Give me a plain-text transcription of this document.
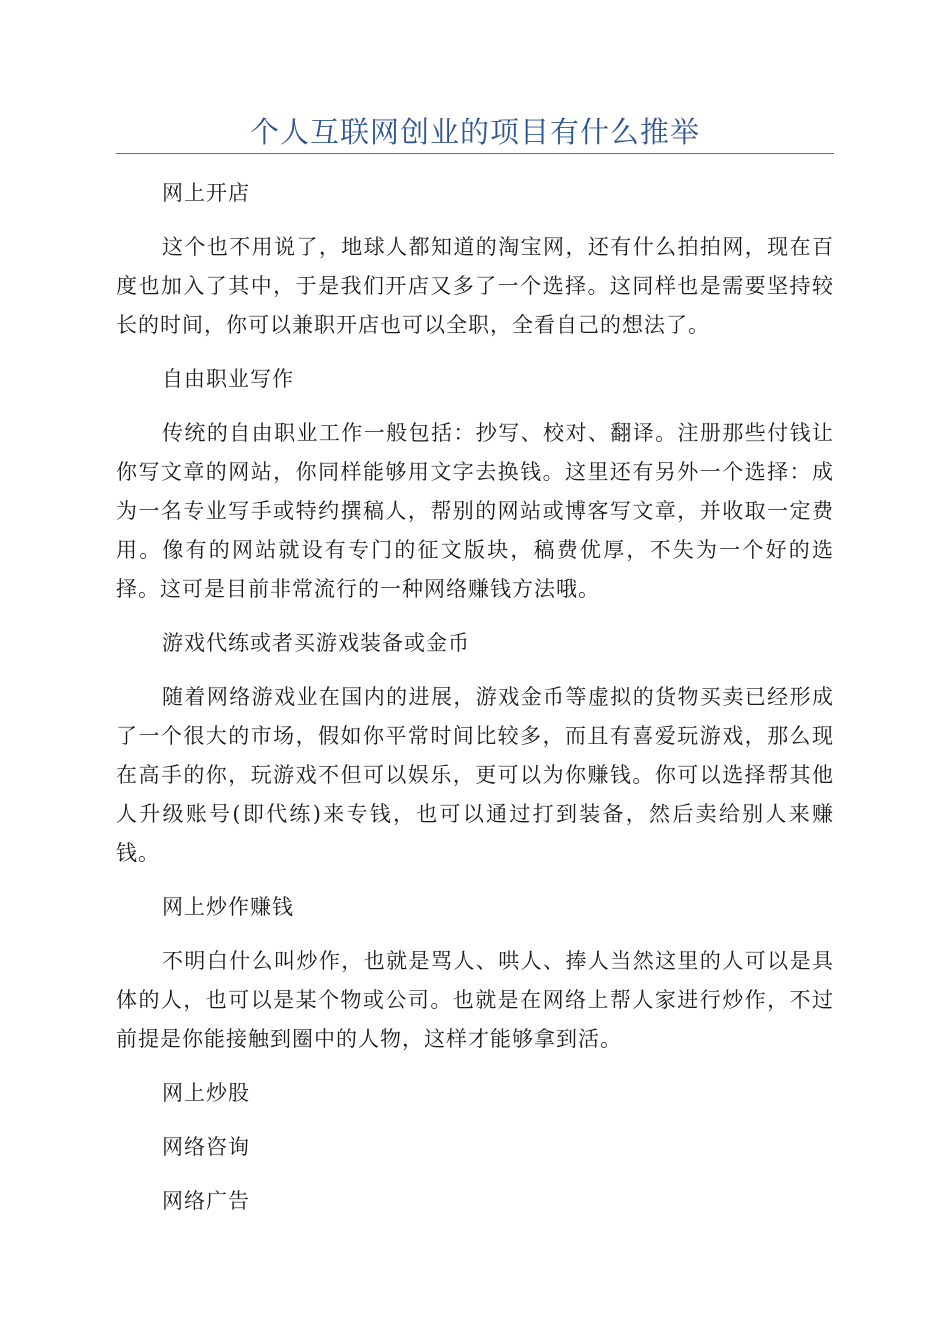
个人互联网创业的项目有什么推举
网上开店
这个也不用说了，地球人都知道的淘宝网，还有什么拍拍网，现在百度也加入了其中，于是我们开店又多了一个选择。这同样也是需要坚持较长的时间，你可以兼职开店也可以全职，全看自己的想法了。
自由职业写作
传统的自由职业工作一般包括：抄写、校对、翻译。注册那些付钱让你写文章的网站，你同样能够用文字去换钱。这里还有另外一个选择：成为一名专业写手或特约撰稿人，帮别的网站或博客写文章，并收取一定费用。像有的网站就设有专门的征文版块，稿费优厚，不失为一个好的选择。这可是目前非常流行的一种网络赚钱方法哦。
游戏代练或者买游戏装备或金币
随着网络游戏业在国内的进展，游戏金币等虚拟的货物买卖已经形成了一个很大的市场，假如你平常时间比较多，而且有喜爱玩游戏，那么现在高手的你，玩游戏不但可以娱乐，更可以为你赚钱。你可以选择帮其他人升级账号(即代练)来专钱，也可以通过打到装备，然后卖给别人来赚钱。
网上炒作赚钱
不明白什么叫炒作，也就是骂人、哄人、捧人当然这里的人可以是具体的人，也可以是某个物或公司。也就是在网络上帮人家进行炒作，不过前提是你能接触到圈中的人物，这样才能够拿到活。
网上炒股
网络咨询
网络广告
